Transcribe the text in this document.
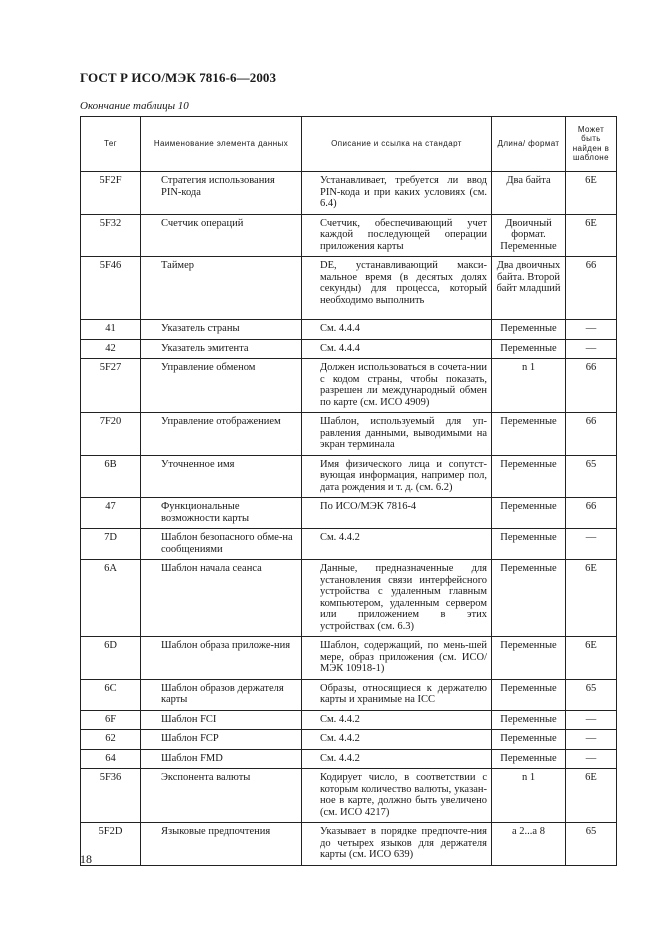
ГОСТ Р ИСО/МЭК 7816-6—2003
Окончание таблицы 10
Тег	Наименование элемента данных	Описание и ссылка на стандарт	Длина/ формат	Может быть найден в шаблоне
5F2F	Стратегия использования PIN-кода	Устанавливает, требуется ли ввод PIN-кода и при каких условиях (см. 6.4)	Два байта	6E
5F32	Счетчик операций	Счетчик, обеспечивающий учет каждой последующей операции приложения карты	Двоичный формат. Переменные	6E
5F46	Таймер	DE, устанавливающий макси-мальное время (в десятых долях секунды) для процесса, который необходимо выполнить	Два двоичных байта. Второй байт младший	66
41	Указатель страны	См. 4.4.4	Переменные	—
42	Указатель эмитента	См. 4.4.4	Переменные	—
5F27	Управление обменом	Должен использоваться в сочета-нии с кодом страны, чтобы показать, разрешен ли международный обмен по карте (см. ИСО 4909)	n 1	66
7F20	Управление отображением	Шаблон, используемый для уп-равления данными, выводимыми на экран терминала	Переменные	66
6B	Уточненное имя	Имя физического лица и сопутст-вующая информация, например пол, дата рождения и т. д. (см. 6.2)	Переменные	65
47	Функциональные возможности карты	По ИСО/МЭК 7816-4	Переменные	66
7D	Шаблон безопасного обме-на сообщениями	См. 4.4.2	Переменные	—
6A	Шаблон начала сеанса	Данные, предназначенные для установления связи интерфейсного устройства с удаленным главным компьютером, удаленным сервером или приложением в этих устройствах (см. 6.3)	Переменные	6E
6D	Шаблон образа приложе-ния	Шаблон, содержащий, по мень-шей мере, образ приложения (см. ИСО/МЭК 10918-1)	Переменные	6E
6C	Шаблон образов держателя карты	Образы, относящиеся к держателю карты и хранимые на ICC	Переменные	65
6F	Шаблон FCI	См. 4.4.2	Переменные	—
62	Шаблон FCP	См. 4.4.2	Переменные	—
64	Шаблон FMD	См. 4.4.2	Переменные	—
5F36	Экспонента валюты	Кодирует число, в соответствии с которым количество валюты, указан-ное в карте, должно быть увеличено (см. ИСО 4217)	n 1	6E
5F2D	Языковые предпочтения	Указывает в порядке предпочте-ния до четырех языков для держателя карты (см. ИСО 639)	a 2...a 8	65
18
